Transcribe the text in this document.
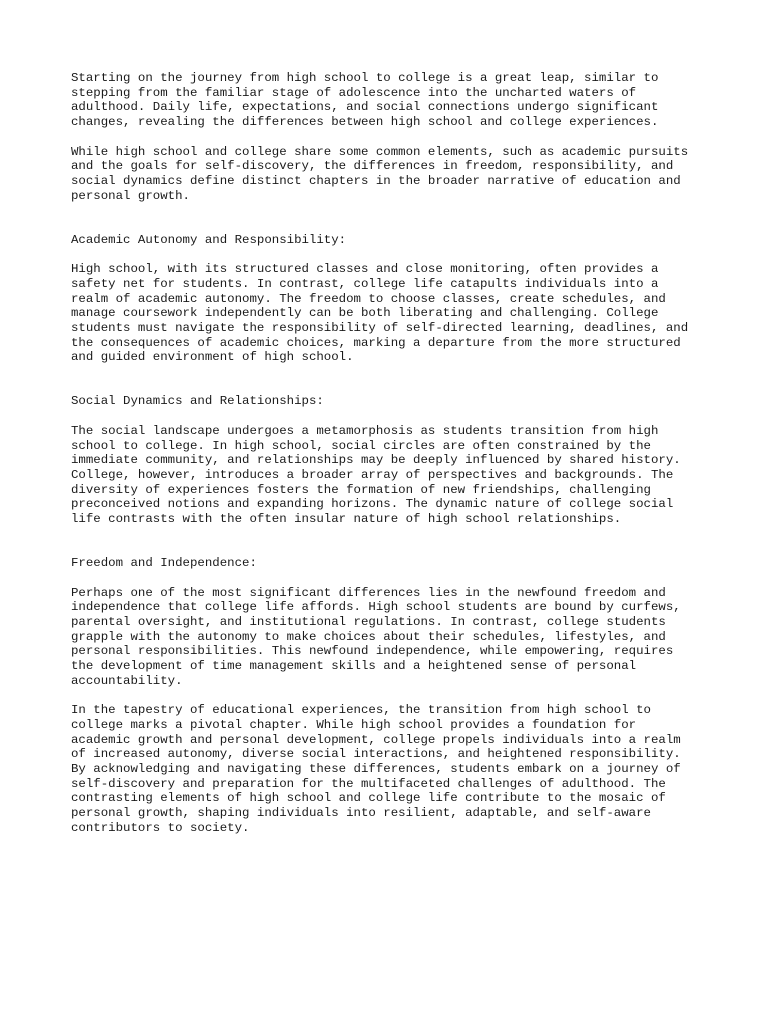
Starting on the journey from high school to college is a great leap, similar to
stepping from the familiar stage of adolescence into the uncharted waters of
adulthood. Daily life, expectations, and social connections undergo significant
changes, revealing the differences between high school and college experiences.

While high school and college share some common elements, such as academic pursuits
and the goals for self-discovery, the differences in freedom, responsibility, and
social dynamics define distinct chapters in the broader narrative of education and
personal growth.

Academic Autonomy and Responsibility:

High school, with its structured classes and close monitoring, often provides a
safety net for students. In contrast, college life catapults individuals into a
realm of academic autonomy. The freedom to choose classes, create schedules, and
manage coursework independently can be both liberating and challenging. College
students must navigate the responsibility of self-directed learning, deadlines, and
the consequences of academic choices, marking a departure from the more structured
and guided environment of high school.

Social Dynamics and Relationships:

The social landscape undergoes a metamorphosis as students transition from high
school to college. In high school, social circles are often constrained by the
immediate community, and relationships may be deeply influenced by shared history.
College, however, introduces a broader array of perspectives and backgrounds. The
diversity of experiences fosters the formation of new friendships, challenging
preconceived notions and expanding horizons. The dynamic nature of college social
life contrasts with the often insular nature of high school relationships.

Freedom and Independence:

Perhaps one of the most significant differences lies in the newfound freedom and
independence that college life affords. High school students are bound by curfews,
parental oversight, and institutional regulations. In contrast, college students
grapple with the autonomy to make choices about their schedules, lifestyles, and
personal responsibilities. This newfound independence, while empowering, requires
the development of time management skills and a heightened sense of personal
accountability.

In the tapestry of educational experiences, the transition from high school to
college marks a pivotal chapter. While high school provides a foundation for
academic growth and personal development, college propels individuals into a realm
of increased autonomy, diverse social interactions, and heightened responsibility.
By acknowledging and navigating these differences, students embark on a journey of
self-discovery and preparation for the multifaceted challenges of adulthood. The
contrasting elements of high school and college life contribute to the mosaic of
personal growth, shaping individuals into resilient, adaptable, and self-aware
contributors to society.
